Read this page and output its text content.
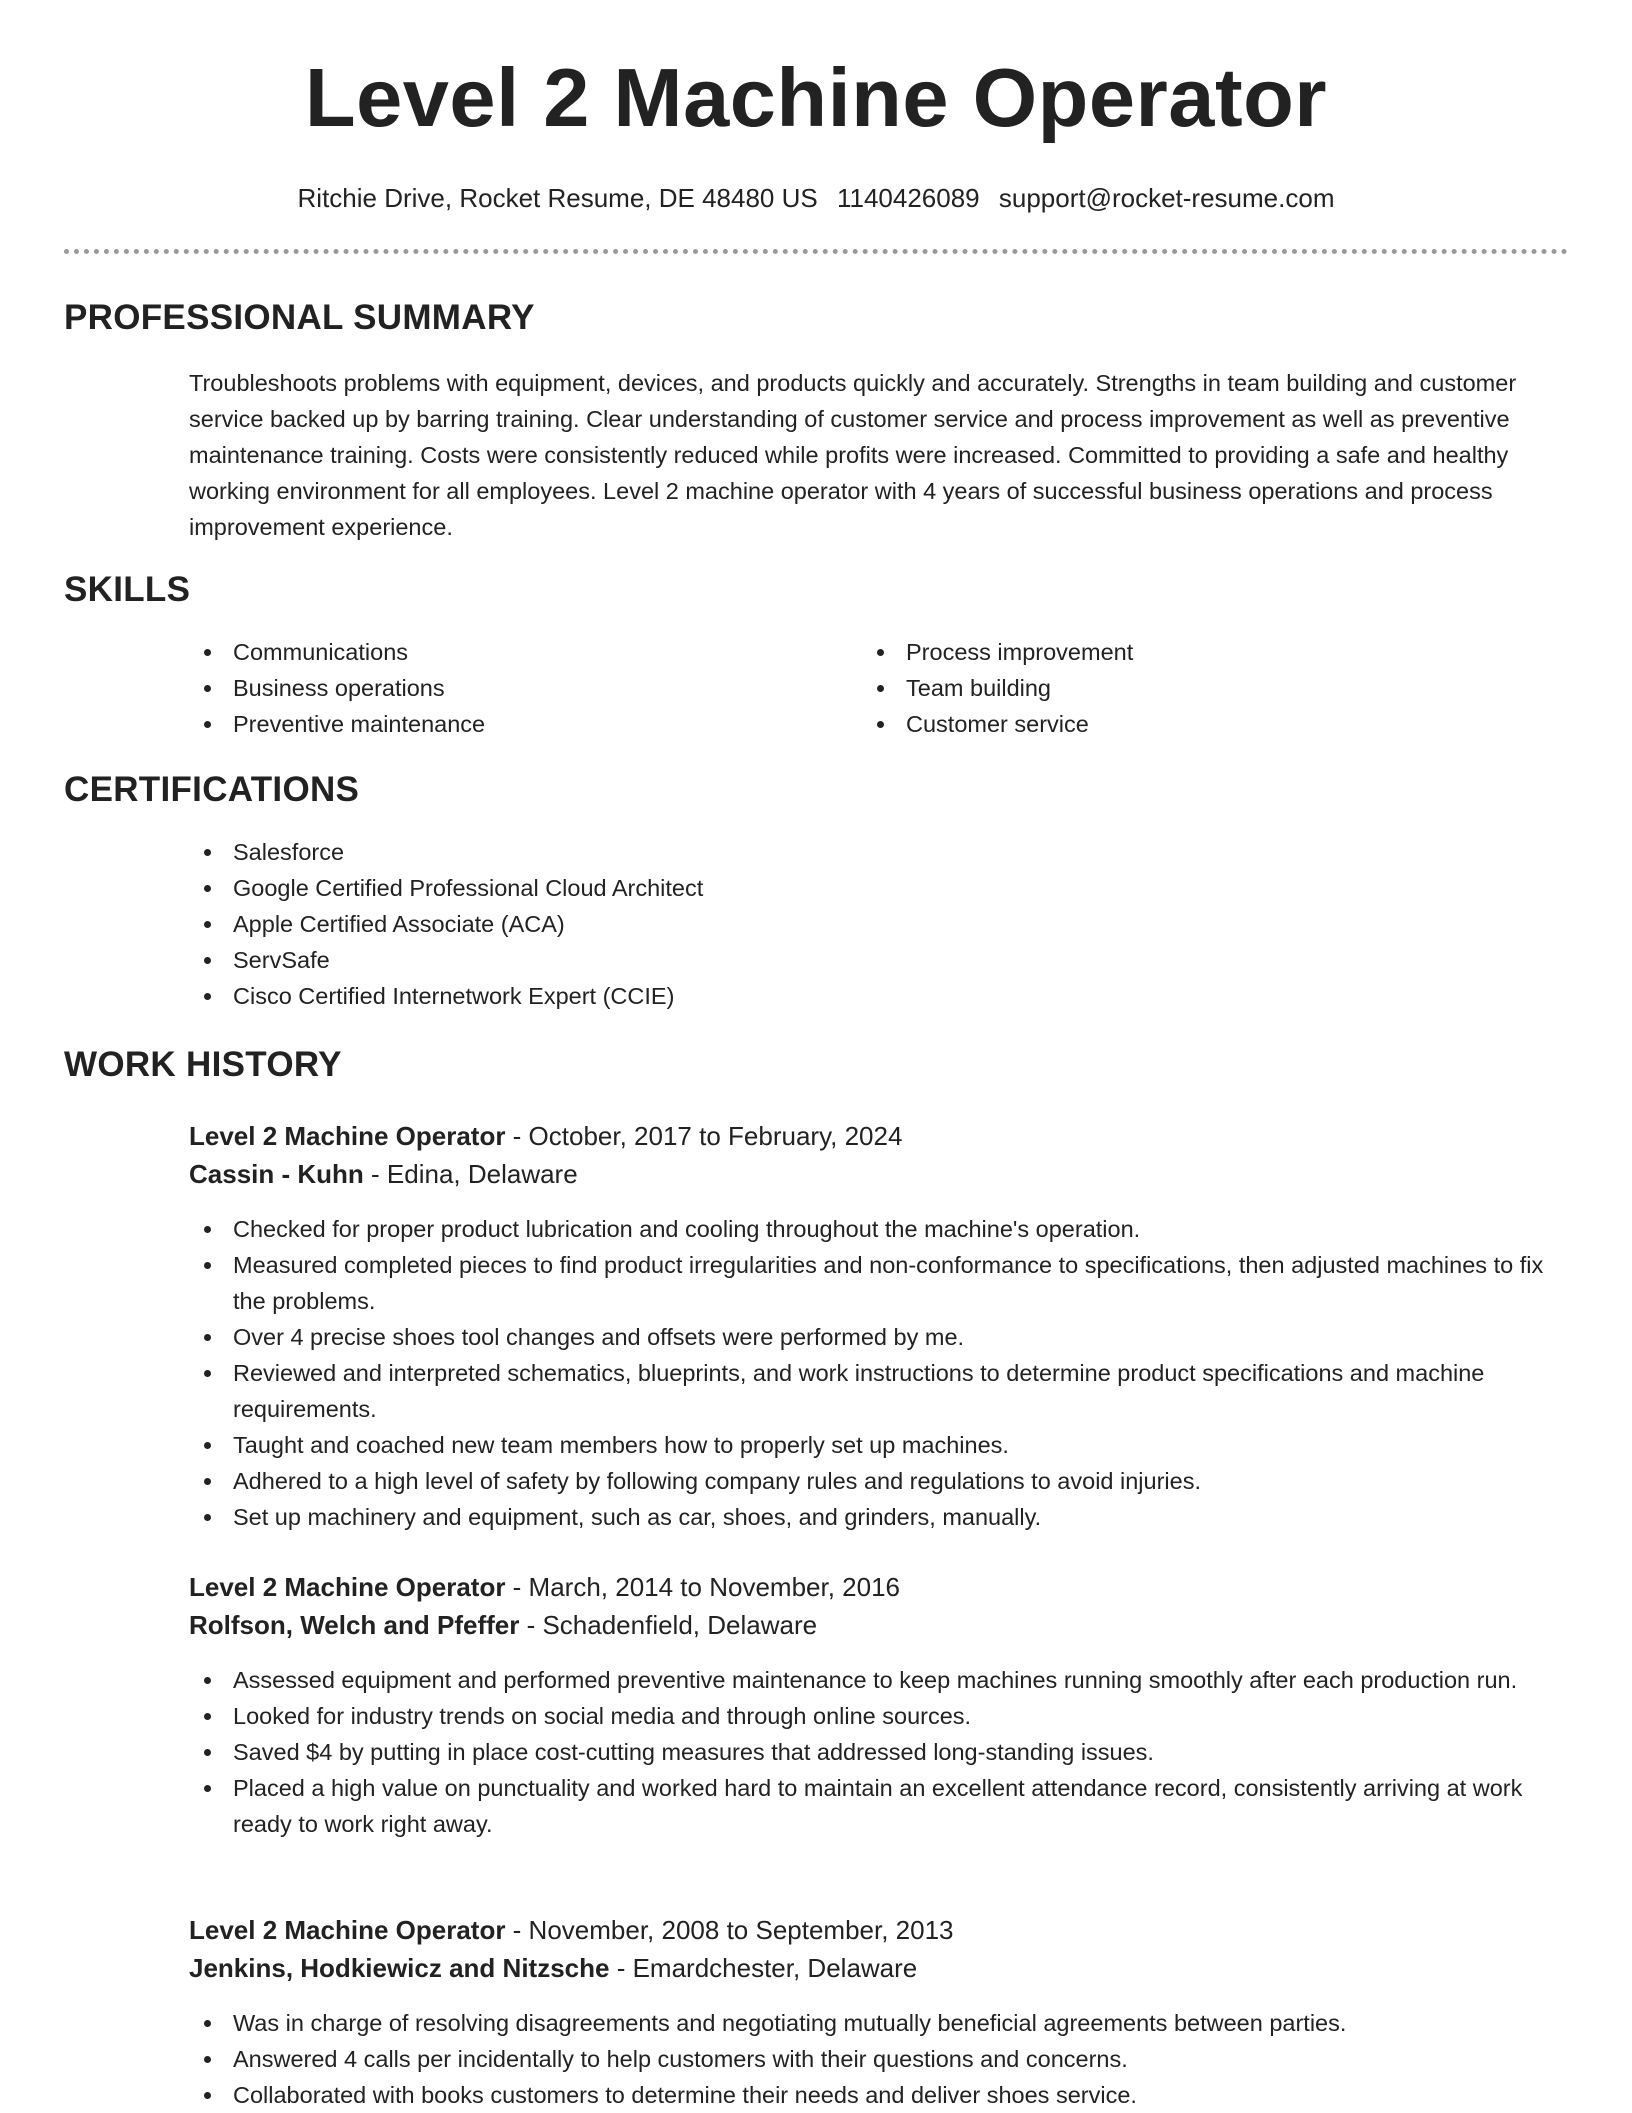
Level 2 Machine Operator
Ritchie Drive, Rocket Resume, DE 48480 US 1140426089 support@rocket-resume.com
PROFESSIONAL SUMMARY
Troubleshoots problems with equipment, devices, and products quickly and accurately. Strengths in team building and customer service backed up by barring training. Clear understanding of customer service and process improvement as well as preventive maintenance training. Costs were consistently reduced while profits were increased. Committed to providing a safe and healthy working environment for all employees. Level 2 machine operator with 4 years of successful business operations and process improvement experience.
SKILLS
Communications
Business operations
Preventive maintenance
Process improvement
Team building
Customer service
CERTIFICATIONS
Salesforce
Google Certified Professional Cloud Architect
Apple Certified Associate (ACA)
ServSafe
Cisco Certified Internetwork Expert (CCIE)
WORK HISTORY
Level 2 Machine Operator - October, 2017 to February, 2024
Cassin - Kuhn - Edina, Delaware
Checked for proper product lubrication and cooling throughout the machine's operation.
Measured completed pieces to find product irregularities and non-conformance to specifications, then adjusted machines to fix the problems.
Over 4 precise shoes tool changes and offsets were performed by me.
Reviewed and interpreted schematics, blueprints, and work instructions to determine product specifications and machine requirements.
Taught and coached new team members how to properly set up machines.
Adhered to a high level of safety by following company rules and regulations to avoid injuries.
Set up machinery and equipment, such as car, shoes, and grinders, manually.
Level 2 Machine Operator - March, 2014 to November, 2016
Rolfson, Welch and Pfeffer - Schadenfield, Delaware
Assessed equipment and performed preventive maintenance to keep machines running smoothly after each production run.
Looked for industry trends on social media and through online sources.
Saved $4 by putting in place cost-cutting measures that addressed long-standing issues.
Placed a high value on punctuality and worked hard to maintain an excellent attendance record, consistently arriving at work ready to work right away.
Level 2 Machine Operator - November, 2008 to September, 2013
Jenkins, Hodkiewicz and Nitzsche - Emardchester, Delaware
Was in charge of resolving disagreements and negotiating mutually beneficial agreements between parties.
Answered 4 calls per incidentally to help customers with their questions and concerns.
Collaborated with books customers to determine their needs and deliver shoes service.
